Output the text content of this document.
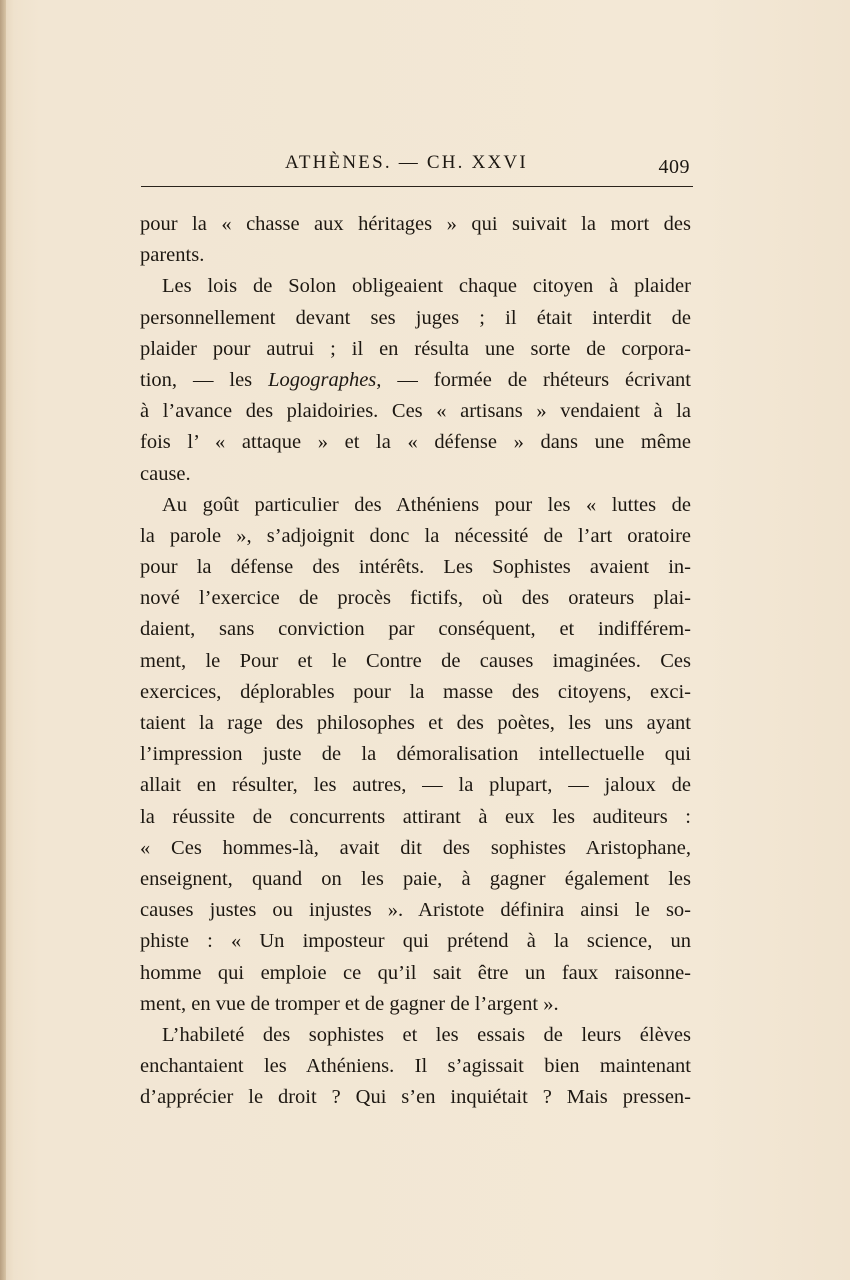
ATHÈNES. — CH. XXVI	409
pour la « chasse aux héritages » qui suivait la mort des
parents.
Les lois de Solon obligeaient chaque citoyen à plaider
personnellement devant ses juges ; il était interdit de
plaider pour autrui ; il en résulta une sorte de corpora-
tion, — les Logographes, — formée de rhéteurs écrivant
à l’avance des plaidoiries. Ces « artisans » vendaient à la
fois l’ « attaque » et la « défense » dans une même
cause.
Au goût particulier des Athéniens pour les « luttes de
la parole », s’adjoignit donc la nécessité de l’art oratoire
pour la défense des intérêts. Les Sophistes avaient in-
nové l’exercice de procès fictifs, où des orateurs plai-
daient, sans conviction par conséquent, et indifférem-
ment, le Pour et le Contre de causes imaginées. Ces
exercices, déplorables pour la masse des citoyens, exci-
taient la rage des philosophes et des poètes, les uns ayant
l’impression juste de la démoralisation intellectuelle qui
allait en résulter, les autres, — la plupart, — jaloux de
la réussite de concurrents attirant à eux les auditeurs :
« Ces hommes-là, avait dit des sophistes Aristophane,
enseignent, quand on les paie, à gagner également les
causes justes ou injustes ». Aristote définira ainsi le so-
phiste : « Un imposteur qui prétend à la science, un
homme qui emploie ce qu’il sait être un faux raisonne-
ment, en vue de tromper et de gagner de l’argent ».
L’habileté des sophistes et les essais de leurs élèves
enchantaient les Athéniens. Il s’agissait bien maintenant
d’apprécier le droit ? Qui s’en inquiétait ? Mais pressen-
